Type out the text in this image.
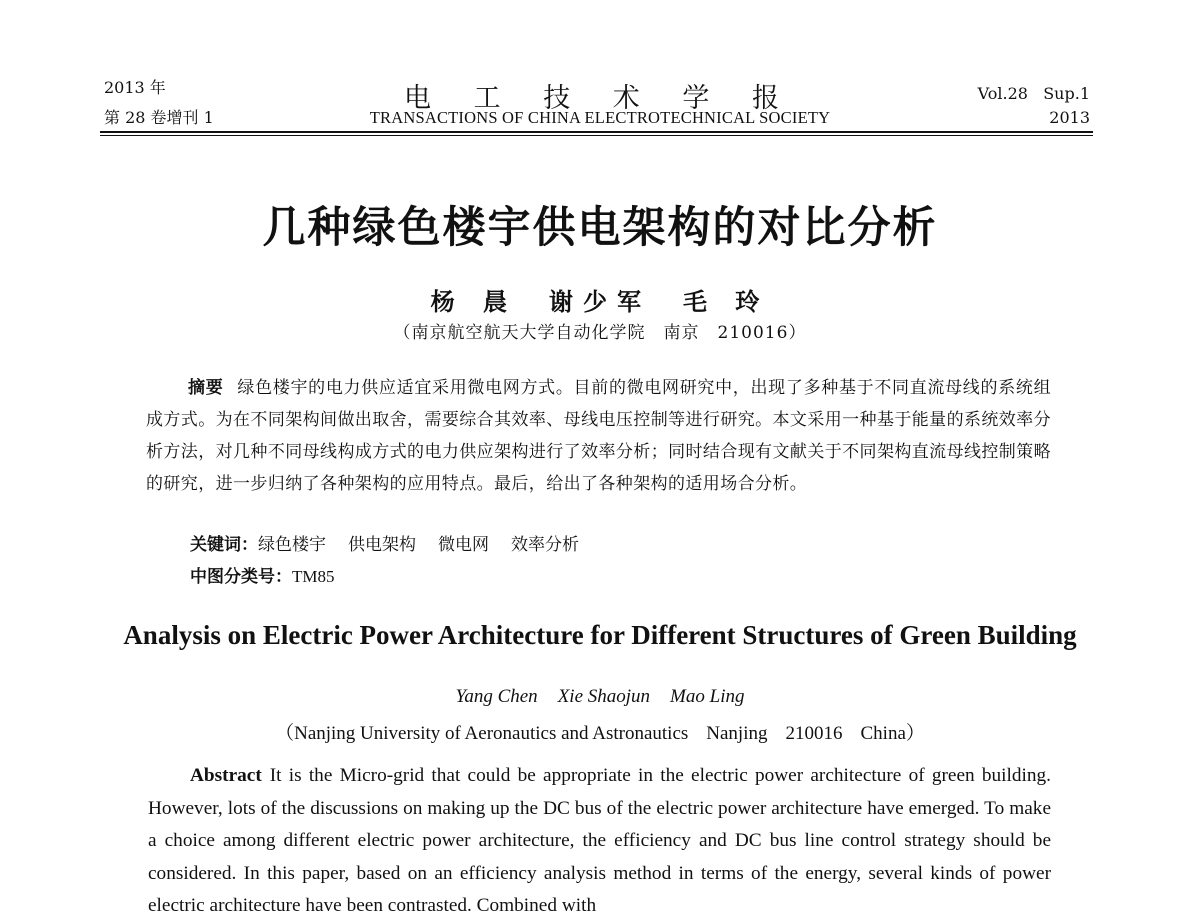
2013 年
第 28 卷增刊 1
电 工 技 术 学 报
TRANSACTIONS OF CHINA ELECTROTECHNICAL SOCIETY
Vol.28 Sup.1
2013
几种绿色楼宇供电架构的对比分析
杨 晨 谢少军 毛 玲
（南京航空航天大学自动化学院　南京　210016）
摘要 绿色楼宇的电力供应适宜采用微电网方式。目前的微电网研究中，出现了多种基于不同直流母线的系统组成方式。为在不同架构间做出取舍，需要综合其效率、母线电压控制等进行研究。本文采用一种基于能量的系统效率分析方法，对几种不同母线构成方式的电力供应架构进行了效率分析；同时结合现有文献关于不同架构直流母线控制策略的研究，进一步归纳了各种架构的应用特点。最后，给出了各种架构的适用场合分析。
关键词：绿色楼宇 供电架构 微电网 效率分析
中图分类号：TM85
Analysis on Electric Power Architecture for Different Structures of Green Building
Yang Chen Xie Shaojun Mao Ling
（Nanjing University of Aeronautics and Astronautics Nanjing 210016 China）
Abstract It is the Micro-grid that could be appropriate in the electric power architecture of green building. However, lots of the discussions on making up the DC bus of the electric power architecture have emerged. To make a choice among different electric power architecture, the efficiency and DC bus line control strategy should be considered. In this paper, based on an efficiency analysis method in terms of the energy, several kinds of power electric architecture have been contrasted. Combined with
